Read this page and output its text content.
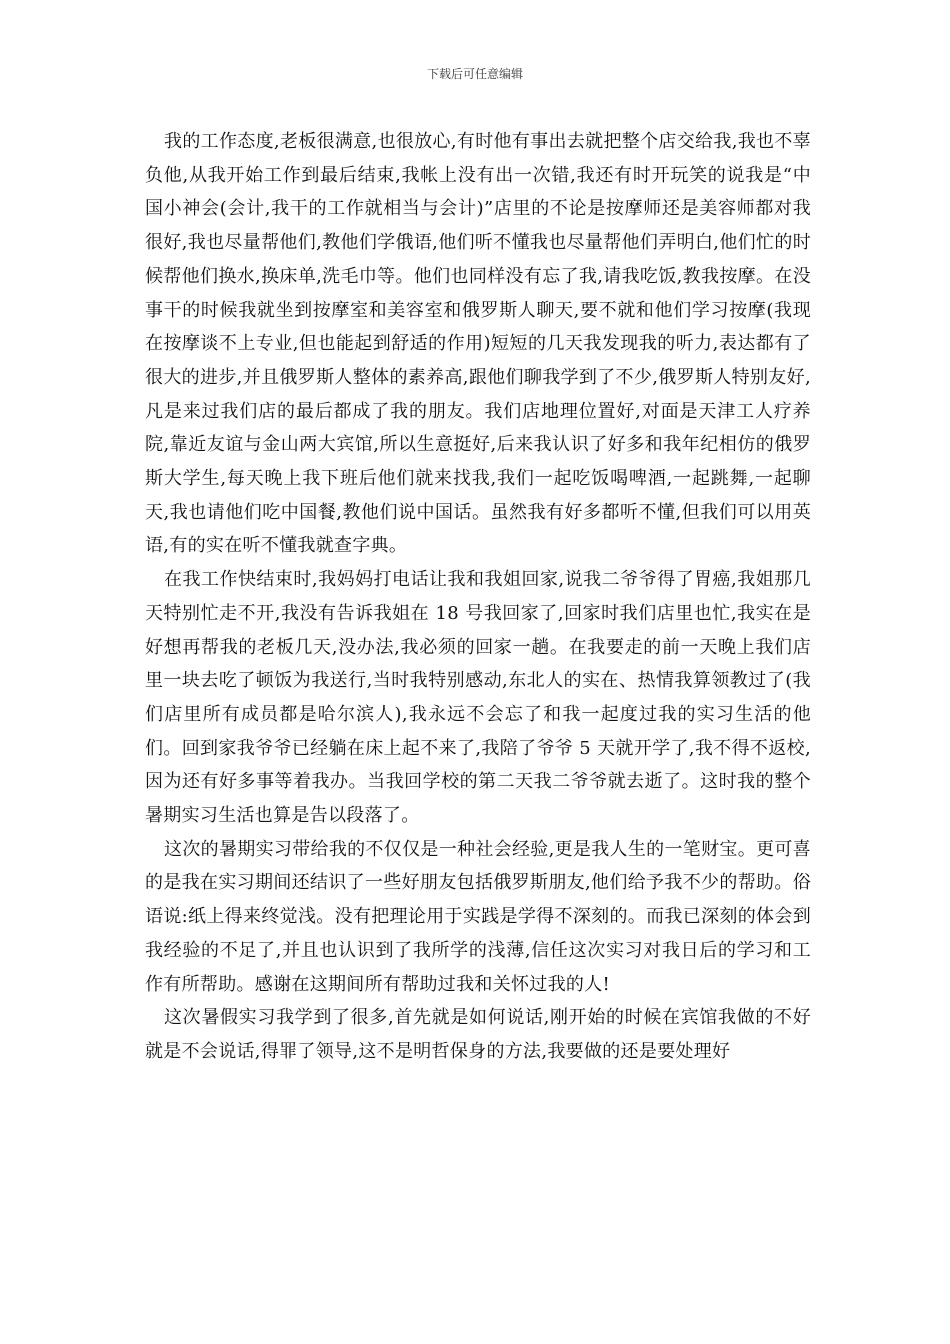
下载后可任意编辑

我的工作态度,老板很满意,也很放心,有时他有事出去就把整个店交给我,我也不辜负他,从我开始工作到最后结束,我帐上没有出一次错,我还有时开玩笑的说我是“中国小神会(会计,我干的工作就相当与会计)”店里的不论是按摩师还是美容师都对我很好,我也尽量帮他们,教他们学俄语,他们听不懂我也尽量帮他们弄明白,他们忙的时候帮他们换水,换床单,洗毛巾等。他们也同样没有忘了我,请我吃饭,教我按摩。在没事干的时候我就坐到按摩室和美容室和俄罗斯人聊天,要不就和他们学习按摩(我现在按摩谈不上专业,但也能起到舒适的作用)短短的几天我发现我的听力,表达都有了很大的进步,并且俄罗斯人整体的素养高,跟他们聊我学到了不少,俄罗斯人特别友好,凡是来过我们店的最后都成了我的朋友。我们店地理位置好,对面是天津工人疗养院,靠近友谊与金山两大宾馆,所以生意挺好,后来我认识了好多和我年纪相仿的俄罗斯大学生,每天晚上我下班后他们就来找我,我们一起吃饭喝啤酒,一起跳舞,一起聊天,我也请他们吃中国餐,教他们说中国话。虽然我有好多都听不懂,但我们可以用英语,有的实在听不懂我就查字典。

在我工作快结束时,我妈妈打电话让我和我姐回家,说我二爷爷得了胃癌,我姐那几天特别忙走不开,我没有告诉我姐在 18 号我回家了,回家时我们店里也忙,我实在是好想再帮我的老板几天,没办法,我必须的回家一趟。在我要走的前一天晚上我们店里一块去吃了顿饭为我送行,当时我特别感动,东北人的实在、热情我算领教过了(我们店里所有成员都是哈尔滨人),我永远不会忘了和我一起度过我的实习生活的他们。回到家我爷爷已经躺在床上起不来了,我陪了爷爷 5 天就开学了,我不得不返校,因为还有好多事等着我办。当我回学校的第二天我二爷爷就去逝了。这时我的整个暑期实习生活也算是告以段落了。

这次的暑期实习带给我的不仅仅是一种社会经验,更是我人生的一笔财宝。更可喜的是我在实习期间还结识了一些好朋友包括俄罗斯朋友,他们给予我不少的帮助。俗语说:纸上得来终觉浅。没有把理论用于实践是学得不深刻的。而我已深刻的体会到我经验的不足了,并且也认识到了我所学的浅薄,信任这次实习对我日后的学习和工作有所帮助。感谢在这期间所有帮助过我和关怀过我的人!

这次暑假实习我学到了很多,首先就是如何说话,刚开始的时候在宾馆我做的不好就是不会说话,得罪了领导,这不是明哲保身的方法,我要做的还是要处理好
